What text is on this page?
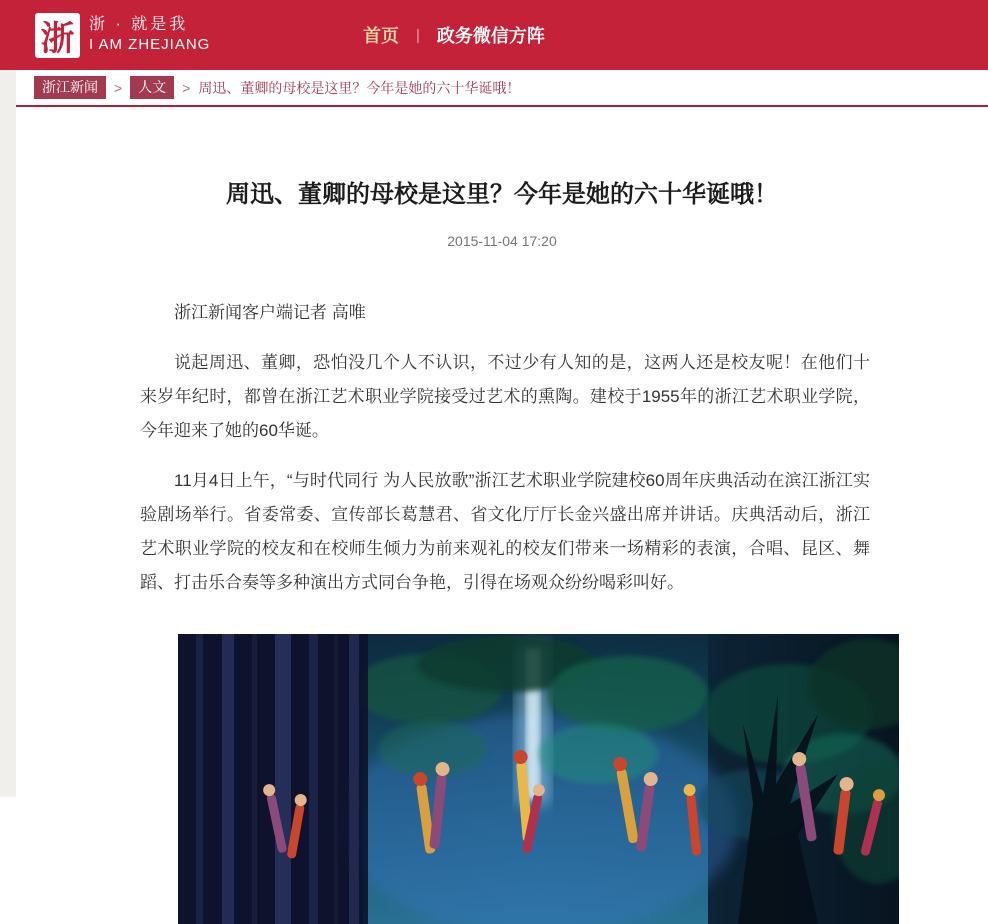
浙 浙 · 就是我
I AM ZHEJIANG	首页 | 政务微信方阵
浙江新闻	>	人文	> 周迅、董卿的母校是这里？今年是她的六十华诞哦！
周迅、董卿的母校是这里？今年是她的六十华诞哦！
2015-11-04 17:20

浙江新闻客户端记者 高唯

说起周迅、董卿，恐怕没几个人不认识，不过少有人知的是，这两人还是校友呢！在他们十来岁年纪时，都曾在浙江艺术职业学院接受过艺术的熏陶。建校于1955年的浙江艺术职业学院，今年迎来了她的60华诞。

11月4日上午，“与时代同行 为人民放歌”浙江艺术职业学院建校60周年庆典活动在滨江浙江实验剧场举行。省委常委、宣传部长葛慧君、省文化厅厅长金兴盛出席并讲话。庆典活动后，浙江艺术职业学院的校友和在校师生倾力为前来观礼的校友们带来一场精彩的表演，合唱、昆区、舞蹈、打击乐合奏等多种演出方式同台争艳，引得在场观众纷纷喝彩叫好。
